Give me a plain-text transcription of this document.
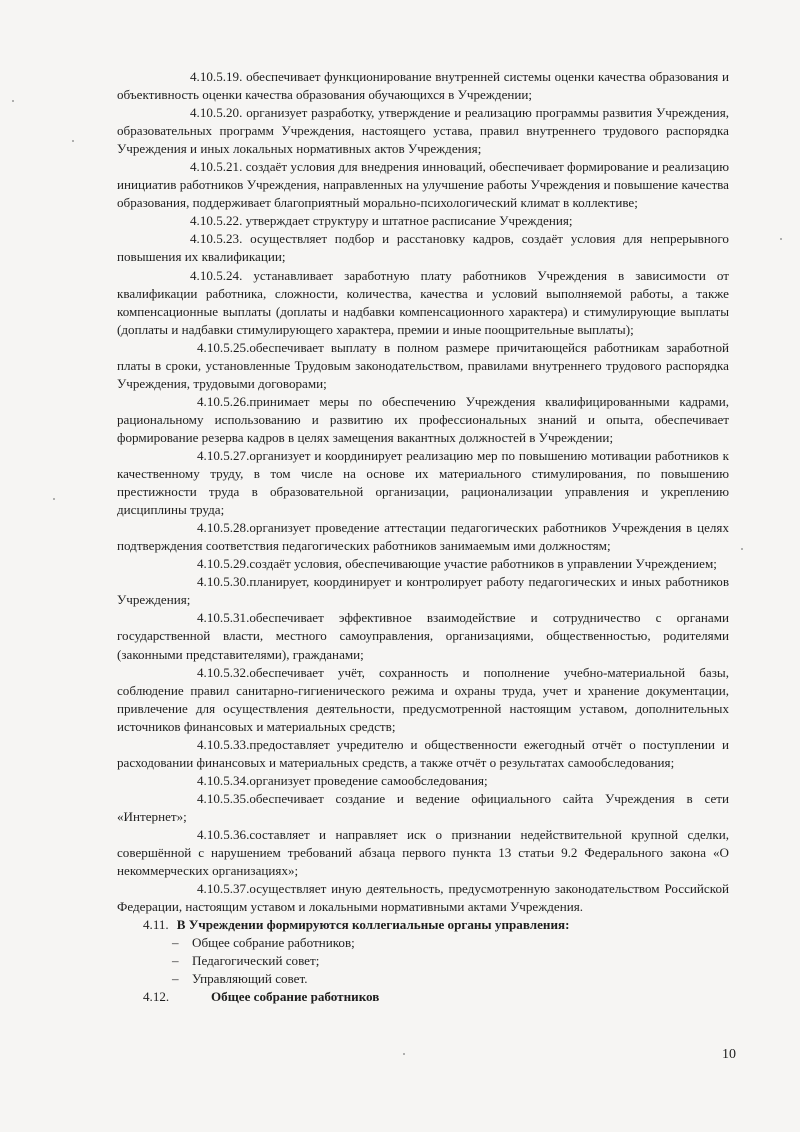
4.10.5.19. обеспечивает функционирование внутренней системы оценки качества образования и объективность оценки качества образования обучающихся в Учреждении;

4.10.5.20. организует разработку, утверждение и реализацию программы развития Учреждения, образовательных программ Учреждения, настоящего устава, правил внутреннего трудового распорядка Учреждения и иных локальных нормативных актов Учреждения;

4.10.5.21. создаёт условия для внедрения инноваций, обеспечивает формирование и реализацию инициатив работников Учреждения, направленных на улучшение работы Учреждения и повышение качества образования, поддерживает благоприятный морально-психологический климат в коллективе;

4.10.5.22. утверждает структуру и штатное расписание Учреждения;

4.10.5.23. осуществляет подбор и расстановку кадров, создаёт условия для непрерывного повышения их квалификации;

4.10.5.24. устанавливает заработную плату работников Учреждения в зависимости от квалификации работника, сложности, количества, качества и условий выполняемой работы, а также компенсационные выплаты (доплаты и надбавки компенсационного характера) и стимулирующие выплаты (доплаты и надбавки стимулирующего характера, премии и иные поощрительные выплаты);

4.10.5.25.обеспечивает выплату в полном размере причитающейся работникам заработной платы в сроки, установленные Трудовым законодательством, правилами внутреннего трудового распорядка Учреждения, трудовыми договорами;

4.10.5.26.принимает меры по обеспечению Учреждения квалифицированными кадрами, рациональному использованию и развитию их профессиональных знаний и опыта, обеспечивает формирование резерва кадров в целях замещения вакантных должностей в Учреждении;

4.10.5.27.организует и координирует реализацию мер по повышению мотивации работников к качественному труду, в том числе на основе их материального стимулирования, по повышению престижности труда в образовательной организации, рационализации управления и укреплению дисциплины труда;

4.10.5.28.организует проведение аттестации педагогических работников Учреждения в целях подтверждения соответствия педагогических работников занимаемым ими должностям;

4.10.5.29.создаёт условия, обеспечивающие участие работников в управлении Учреждением;

4.10.5.30.планирует, координирует и контролирует работу педагогических и иных работников Учреждения;

4.10.5.31.обеспечивает эффективное взаимодействие и сотрудничество с органами государственной власти, местного самоуправления, организациями, общественностью, родителями (законными представителями), гражданами;

4.10.5.32.обеспечивает учёт, сохранность и пополнение учебно-материальной базы, соблюдение правил санитарно-гигиенического режима и охраны труда, учет и хранение документации, привлечение для осуществления деятельности, предусмотренной настоящим уставом, дополнительных источников финансовых и материальных средств;

4.10.5.33.предоставляет учредителю и общественности ежегодный отчёт о поступлении и расходовании финансовых и материальных средств, а также отчёт о результатах самообследования;

4.10.5.34.организует проведение самообследования;

4.10.5.35.обеспечивает создание и ведение официального сайта Учреждения в сети «Интернет»;

4.10.5.36.составляет и направляет иск о признании недействительной крупной сделки, совершённой с нарушением требований абзаца первого пункта 13 статьи 9.2 Федерального закона «О некоммерческих организациях»;

4.10.5.37.осуществляет иную деятельность, предусмотренную законодательством Российской Федерации, настоящим уставом и локальными нормативными актами Учреждения.

4.11. В Учреждении формируются коллегиальные органы управления:

– Общее собрание работников;
– Педагогический совет;
– Управляющий совет.

4.12.	Общее собрание работников

10
